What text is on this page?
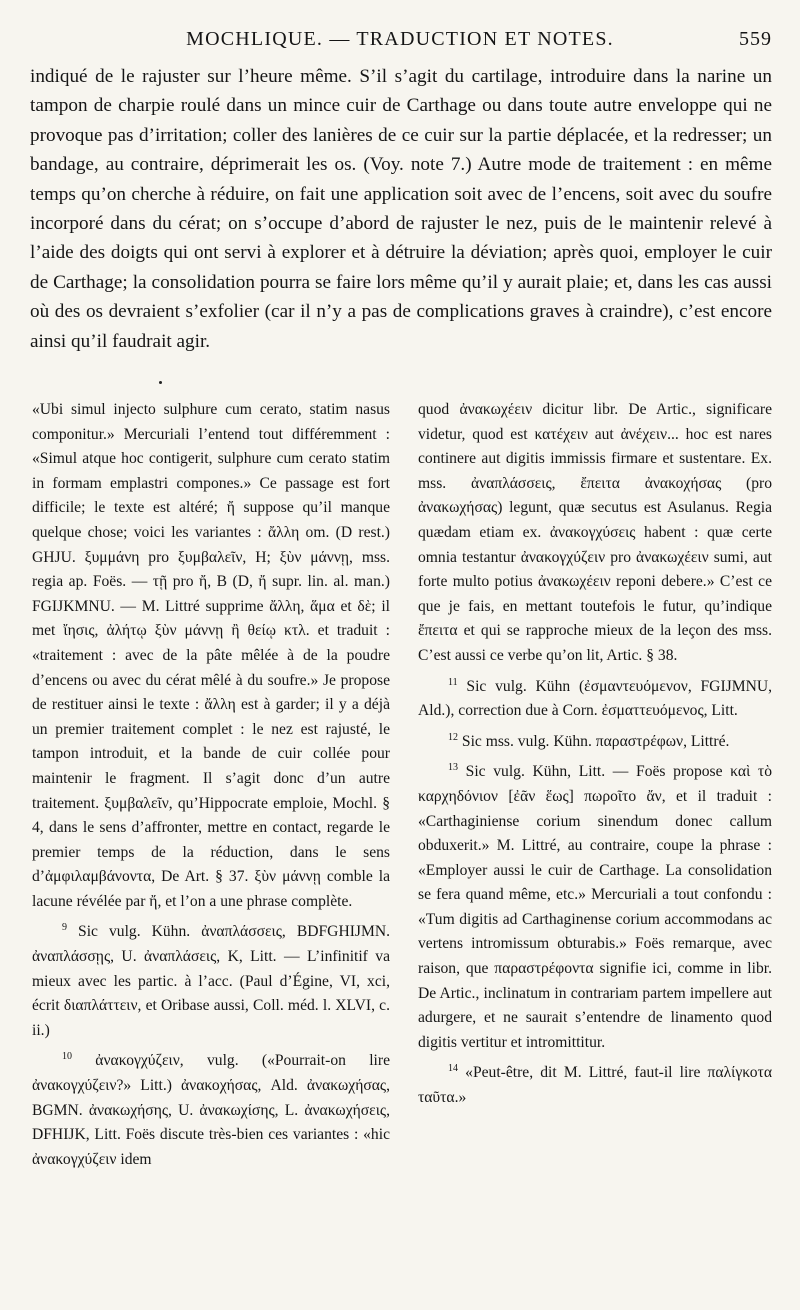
MOCHLIQUE. — TRADUCTION ET NOTES.	559

indiqué de le rajuster sur l’heure même. S’il s’agit du cartilage, introduire dans la narine un tampon de charpie roulé dans un mince cuir de Carthage ou dans toute autre enveloppe qui ne provoque pas d’irritation; coller des lanières de ce cuir sur la partie déplacée, et la redresser; un bandage, au contraire, déprimerait les os. (Voy. note 7.) Autre mode de traitement : en même temps qu’on cherche à réduire, on fait une application soit avec de l’encens, soit avec du soufre incorporé dans du cérat; on s’occupe d’abord de rajuster le nez, puis de le maintenir relevé à l’aide des doigts qui ont servi à explorer et à détruire la déviation; après quoi, employer le cuir de Carthage; la consolidation pourra se faire lors même qu’il y aurait plaie; et, dans les cas aussi où des os devraient s’exfolier (car il n’y a pas de complications graves à craindre), c’est encore ainsi qu’il faudrait agir.

«Ubi simul injecto sulphure cum cerato, statim nasus componitur.» Mercuriali l’entend tout différemment : «Simul atque hoc contigerit, sulphure cum cerato statim in formam emplastri compones.» Ce passage est fort difficile; le texte est altéré; ἤ suppose qu’il manque quelque chose; voici les variantes : ἄλλη om. (D rest.) GHJU. ξυμμάνη pro ξυμβαλεῖν, H; ξὺν μάννῃ, mss. regia ap. Foës. — τῇ pro ἤ, B (D, ἤ supr. lin. al. man.) FGIJKMNU. — M. Littré supprime ἄλλη, ἅμα et δὲ; il met ἴησις, ἀλήτῳ ξὺν μάννῃ ἢ θείῳ κτλ. et traduit : «traitement : avec de la pâte mêlée à de la poudre d’encens ou avec du cérat mêlé à du soufre.» Je propose de restituer ainsi le texte : ἄλλη est à garder; il y a déjà un premier traitement complet : le nez est rajusté, le tampon introduit, et la bande de cuir collée pour maintenir le fragment. Il s’agit donc d’un autre traitement. ξυμβαλεῖν, qu’Hippocrate emploie, Mochl. § 4, dans le sens d’affronter, mettre en contact, regarde le premier temps de la réduction, dans le sens d’ἀμφιλαμβάνοντα, De Art. § 37. ξὺν μάννῃ comble la lacune révélée par ἤ, et l’on a une phrase complète.

$^9$ Sic vulg. Kühn. ἀναπλάσσεις, BDFGHIJMN. ἀναπλάσσῃς, U. ἀναπλάσεις, K, Litt. — L’infinitif va mieux avec les partic. à l’acc. (Paul d’Égine, VI, xci, écrit διαπλάττειν, et Oribase aussi, Coll. méd. l. XLVI, c. ii.)

$^{10}$ ἀνακογχύζειν, vulg. («Pourrait-on lire ἀνακογχύζειν?» Litt.) ἀνακοχήσας, Ald. ἀνακωχήσας, BGMN. ἀνακωχήσης, U. ἀνακωχίσης, L. ἀνακωχήσεις, DFHIJK, Litt. Foës discute très-bien ces variantes : «hic ἀνακογχύζειν idem

quod ἀνακωχέειν dicitur libr. De Artic., significare videtur, quod est κατέχειν aut ἀνέχειν... hoc est nares continere aut digitis immissis firmare et sustentare. Ex. mss. ἀναπλάσσεις, ἔπειτα ἀνακοχήσας (pro ἀνακωχήσας) legunt, quæ secutus est Asulanus. Regia quædam etiam ex. ἀνακογχύσεις habent : quæ certe omnia testantur ἀνακογχύζειν pro ἀνακωχέειν sumi, aut forte multo potius ἀνακωχέειν reponi debere.» C’est ce que je fais, en mettant toutefois le futur, qu’indique ἔπειτα et qui se rapproche mieux de la leçon des mss. C’est aussi ce verbe qu’on lit, Artic. § 38.

$^{11}$ Sic vulg. Kühn (ἐσμαντευόμενον, FGIJMNU, Ald.), correction due à Corn. ἐσματτευόμενος, Litt.

$^{12}$ Sic mss. vulg. Kühn. παραστρέφων, Littré.

$^{13}$ Sic vulg. Kühn, Litt. — Foës propose καὶ τὸ καρχηδόνιον [ἐᾶν ἕως] πωροῖτο ἄν, et il traduit : «Carthaginiense corium sinendum donec callum obduxerit.» M. Littré, au contraire, coupe la phrase : «Employer aussi le cuir de Carthage. La consolidation se fera quand même, etc.» Mercuriali a tout confondu : «Tum digitis ad Carthaginense corium accommodans ac vertens intromissum obturabis.» Foës remarque, avec raison, que παραστρέφοντα signifie ici, comme in libr. De Artic., inclinatum in contrariam partem impellere aut adurgere, et ne saurait s’entendre de linamento quod digitis vertitur et intromittitur.

$^{14}$ «Peut-être, dit M. Littré, faut-il lire παλίγκοτα ταῦτα.»
